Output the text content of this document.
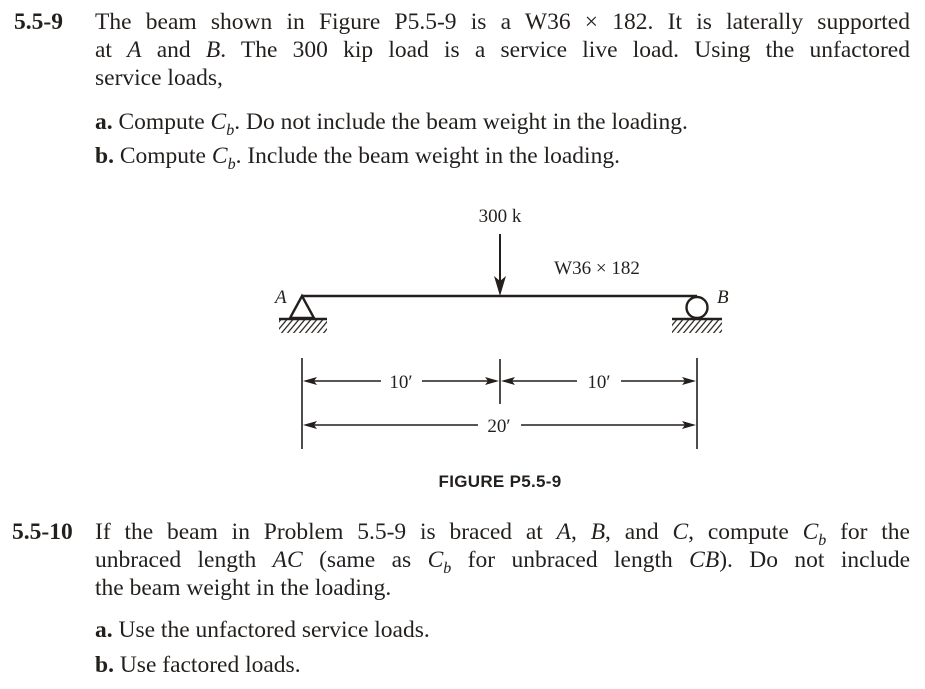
5.5-9 The beam shown in Figure P5.5-9 is a W36 × 182. It is laterally supported
at A and B. The 300 kip load is a service live load. Using the unfactored
service loads,
a. Compute $C_b$. Do not include the beam weight in the loading.
b. Compute $C_b$. Include the beam weight in the loading.
300 k
W36 × 182
A	B
10′	10′
20′
FIGURE P5.5-9
5.5-10 If the beam in Problem 5.5-9 is braced at A, B, and C, compute $C_b$ for the
unbraced length AC (same as $C_b$ for unbraced length CB). Do not include
the beam weight in the loading.
a. Use the unfactored service loads.
b. Use factored loads.
